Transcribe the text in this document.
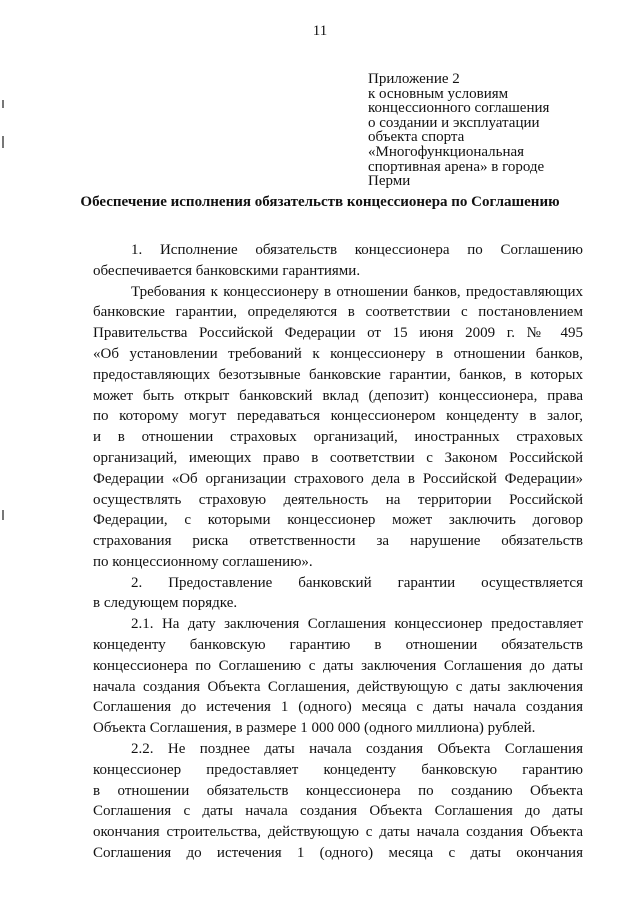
11
Приложение 2
к основным условиям
концессионного соглашения
о создании и эксплуатации
объекта спорта
«Многофункциональная
спортивная арена» в городе
Перми
Обеспечение исполнения обязательств концессионера по Соглашению
1. Исполнение обязательств концессионера по Соглашению
обеспечивается банковскими гарантиями.
Требования к концессионеру в отношении банков, предоставляющих
банковские гарантии, определяются в соответствии с постановлением
Правительства Российской Федерации от 15 июня 2009 г. № 495
«Об установлении требований к концессионеру в отношении банков,
предоставляющих безотзывные банковские гарантии, банков, в которых
может быть открыт банковский вклад (депозит) концессионера, права
по которому могут передаваться концессионером концеденту в залог,
и в отношении страховых организаций, иностранных страховых
организаций, имеющих право в соответствии с Законом Российской
Федерации «Об организации страхового дела в Российской Федерации»
осуществлять страховую деятельность на территории Российской
Федерации, с которыми концессионер может заключить договор
страхования риска ответственности за нарушение обязательств
по концессионному соглашению».
2. Предоставление банковский гарантии осуществляется
в следующем порядке.
2.1. На дату заключения Соглашения концессионер предоставляет
концеденту банковскую гарантию в отношении обязательств
концессионера по Соглашению с даты заключения Соглашения до даты
начала создания Объекта Соглашения, действующую с даты заключения
Соглашения до истечения 1 (одного) месяца с даты начала создания
Объекта Соглашения, в размере 1 000 000 (одного миллиона) рублей.
2.2. Не позднее даты начала создания Объекта Соглашения
концессионер предоставляет концеденту банковскую гарантию
в отношении обязательств концессионера по созданию Объекта
Соглашения с даты начала создания Объекта Соглашения до даты
окончания строительства, действующую с даты начала создания Объекта
Соглашения до истечения 1 (одного) месяца с даты окончания
